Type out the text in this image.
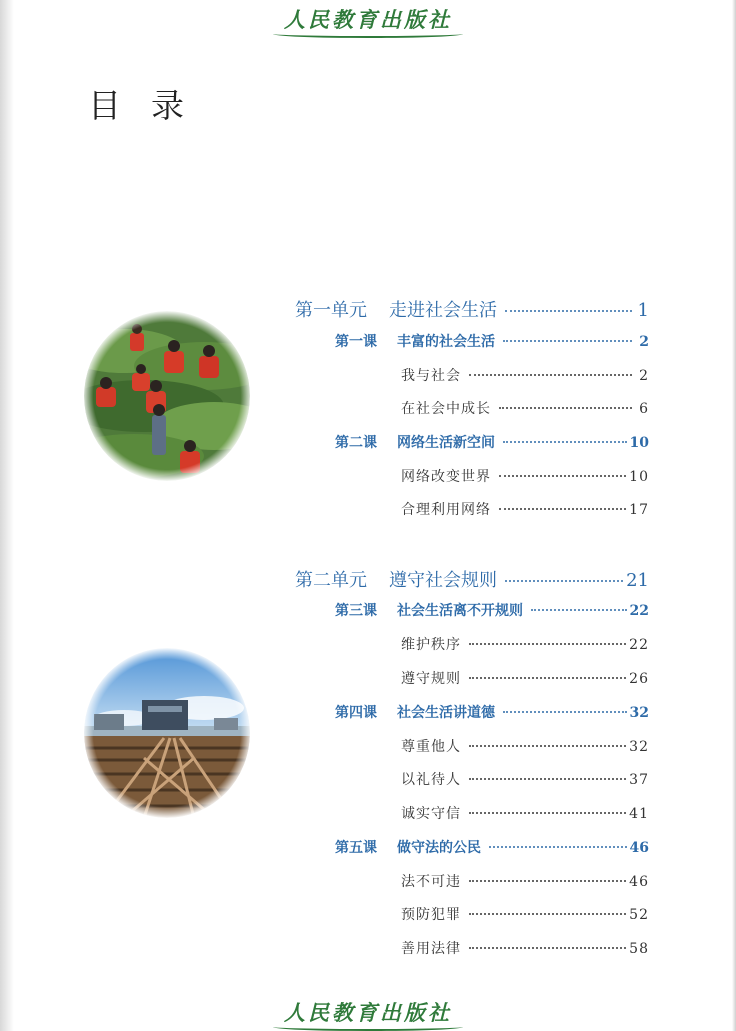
人民教育出版社
目录
第一单元 走进社会生活	1
第一课 丰富的社会生活	2
我与社会	2
在社会中成长	6
第二课 网络生活新空间	10
网络改变世界	10
合理利用网络	17
第二单元 遵守社会规则	21
第三课 社会生活离不开规则	22
维护秩序	22
遵守规则	26
第四课 社会生活讲道德	32
尊重他人	32
以礼待人	37
诚实守信	41
第五课 做守法的公民	46
法不可违	46
预防犯罪	52
善用法律	58
人民教育出版社
